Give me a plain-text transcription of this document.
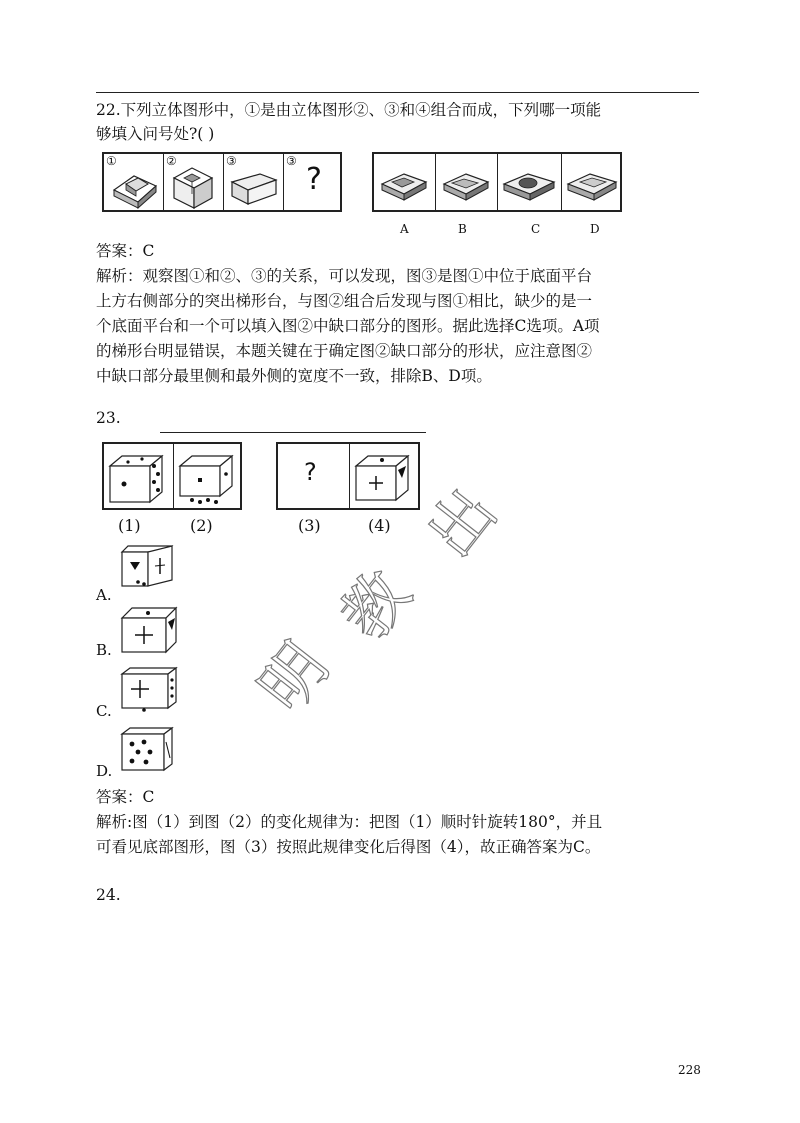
22.下列立体图形中，①是由立体图形②、③和④组合而成，下列哪一项能
够填入问号处?( )
①	②	③	③
?
A	B	C	D
答案：C
解析：观察图①和②、③的关系，可以发现，图③是图①中位于底面平台
上方右侧部分的突出梯形台，与图②组合后发现与图①相比，缺少的是一
个底面平台和一个可以填入图②中缺口部分的图形。据此选择C选项。A项
的梯形台明显错误，本题关键在于确定图②缺口部分的形状，应注意图②
中缺口部分最里侧和最外侧的宽度不一致，排除B、D项。
23.
?
(1)	(2)	(3)	(4)
A.
B.
C.
D.
答案：C
解析:图（1）到图（2）的变化规律为：把图（1）顺时针旋转180°，并且
可看见底部图形，图（3）按照此规律变化后得图（4），故正确答案为C。
24.
明
教
出
228
